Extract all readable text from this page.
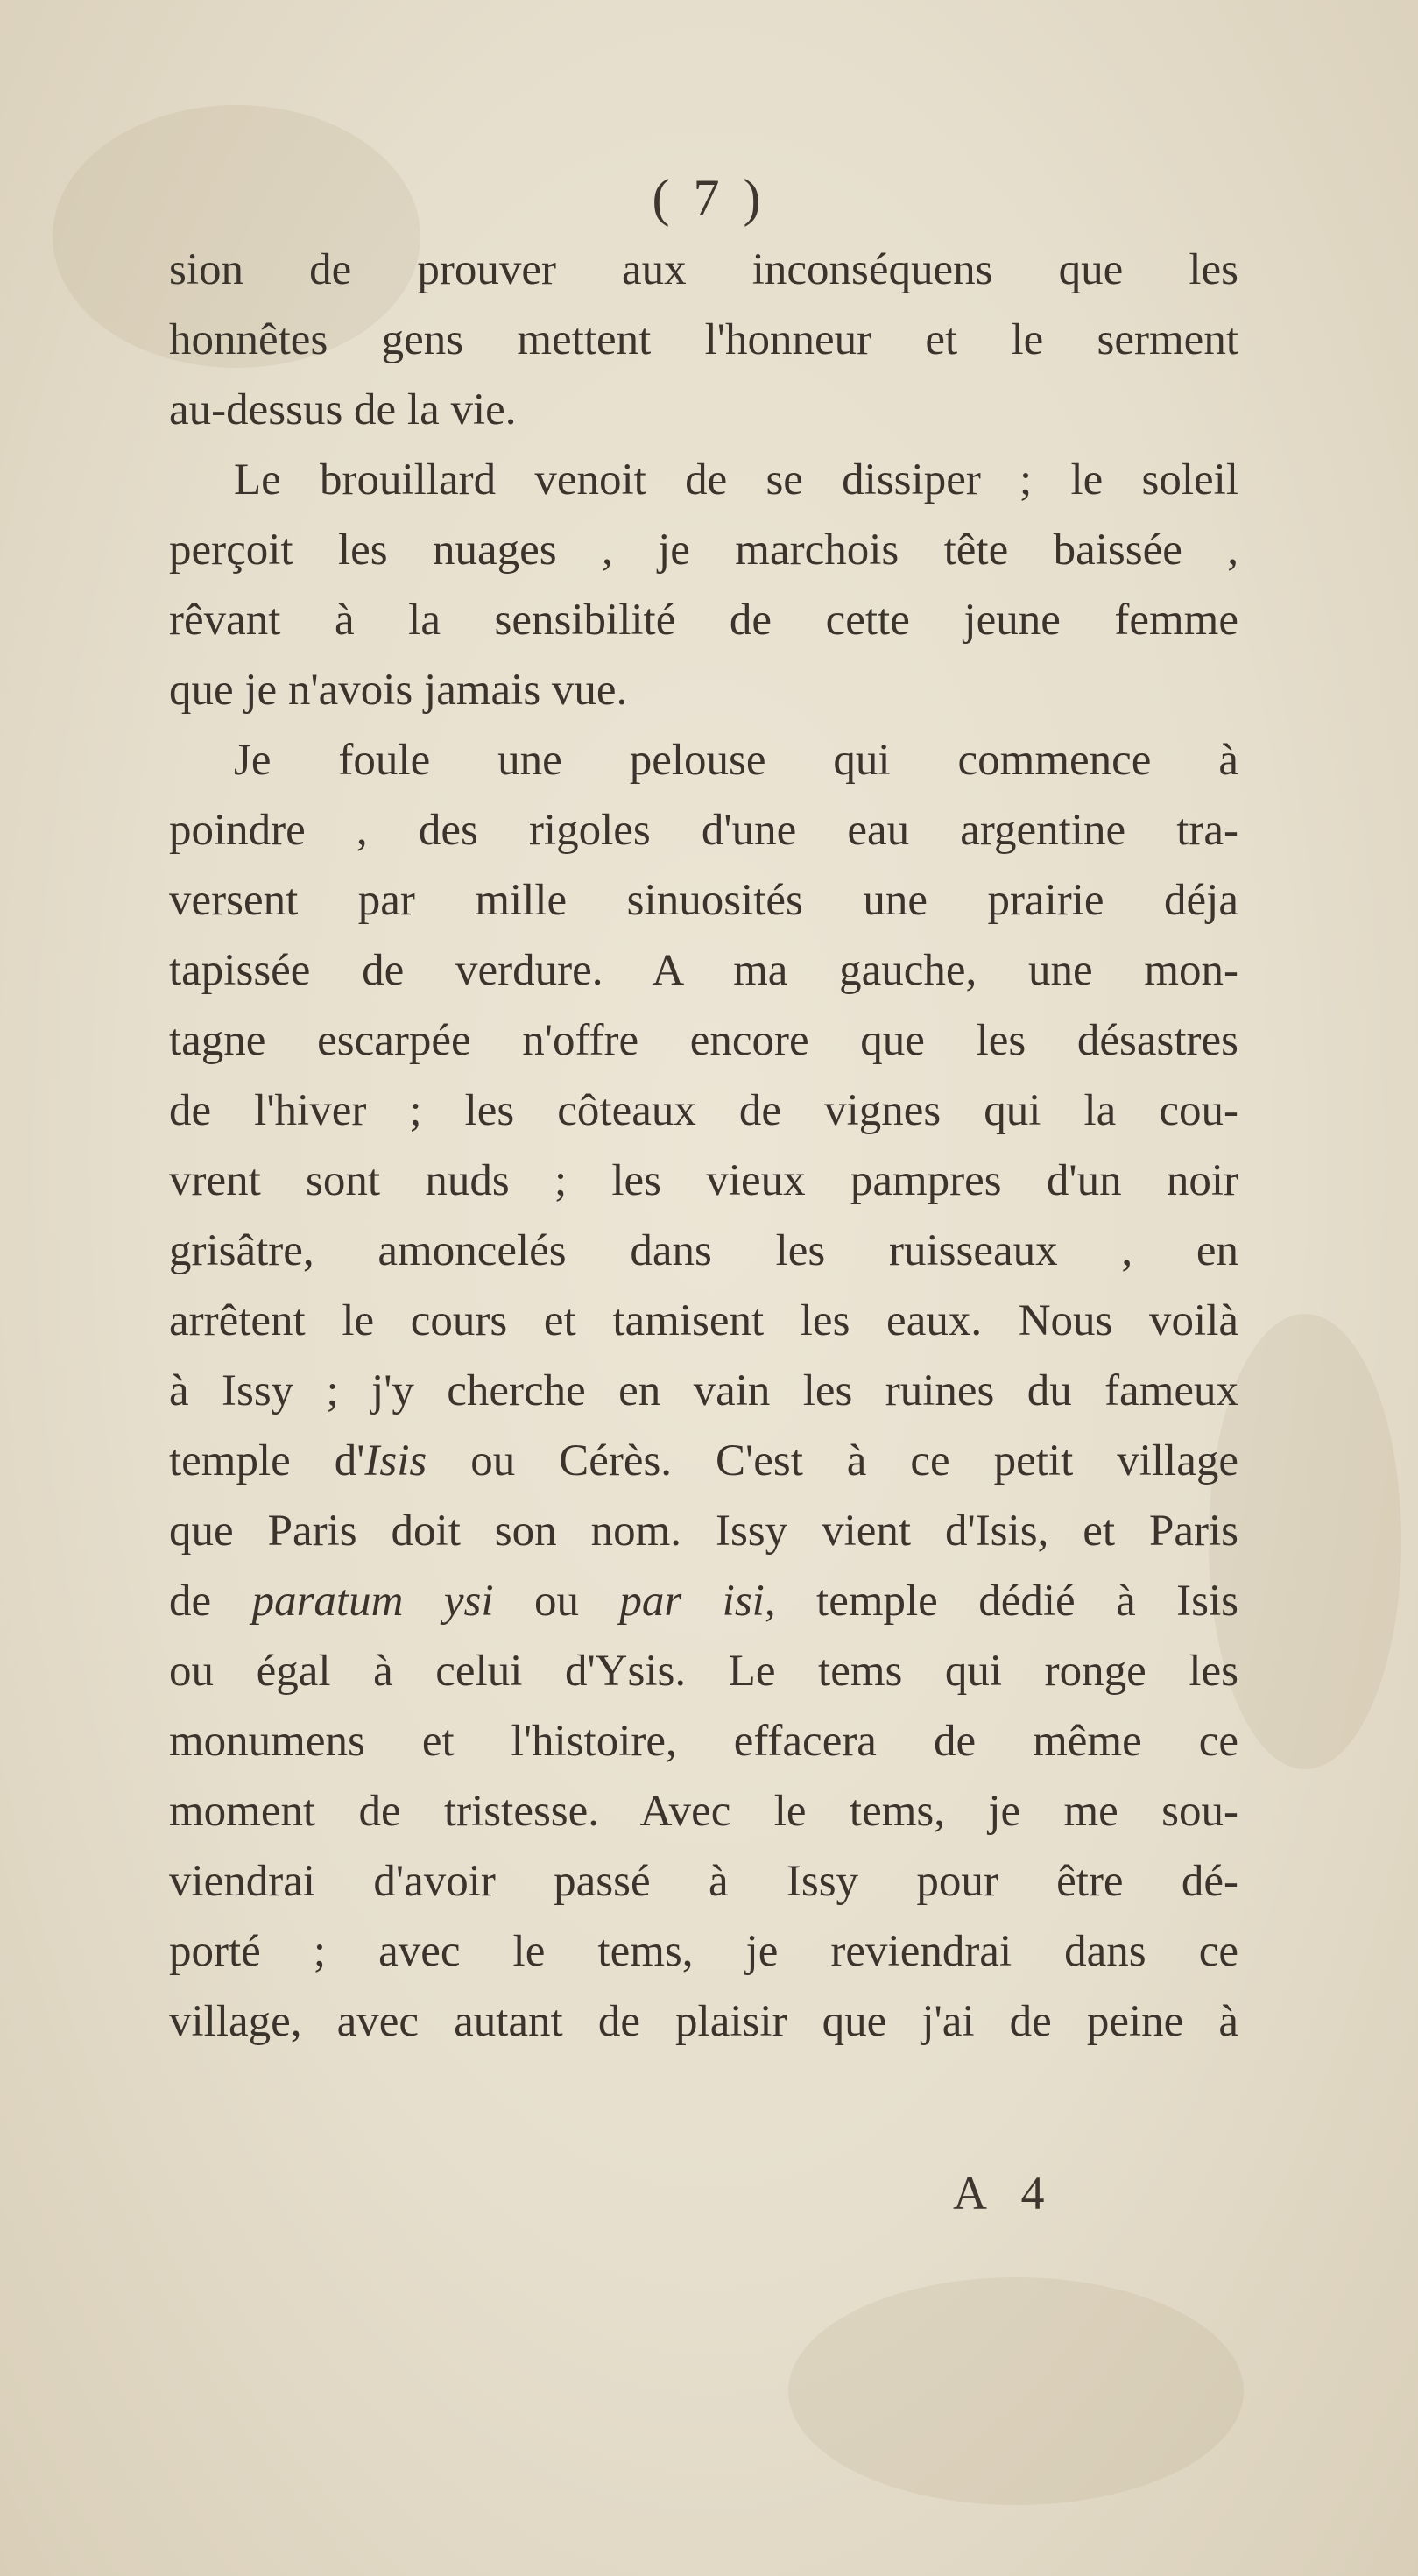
( 7 )
sion de prouver aux inconséquens que les
honnêtes gens mettent l'honneur et le serment
au-dessus de la vie.
Le brouillard venoit de se dissiper ; le soleil
perçoit les nuages , je marchois tête baissée ,
rêvant à la sensibilité de cette jeune femme
que je n'avois jamais vue.
Je foule une pelouse qui commence à
poindre , des rigoles d'une eau argentine tra-
versent par mille sinuosités une prairie déja
tapissée de verdure. A ma gauche, une mon-
tagne escarpée n'offre encore que les désastres
de l'hiver ; les côteaux de vignes qui la cou-
vrent sont nuds ; les vieux pampres d'un noir
grisâtre, amoncelés dans les ruisseaux , en
arrêtent le cours et tamisent les eaux. Nous voilà
à Issy ; j'y cherche en vain les ruines du fameux
temple d'Isis ou Cérès. C'est à ce petit village
que Paris doit son nom. Issy vient d'Isis, et Paris
de paratum ysi ou par isi, temple dédié à Isis
ou égal à celui d'Ysis. Le tems qui ronge les
monumens et l'histoire, effacera de même ce
moment de tristesse. Avec le tems, je me sou-
viendrai d'avoir passé à Issy pour être dé-
porté ; avec le tems, je reviendrai dans ce
village, avec autant de plaisir que j'ai de peine à
A 4
